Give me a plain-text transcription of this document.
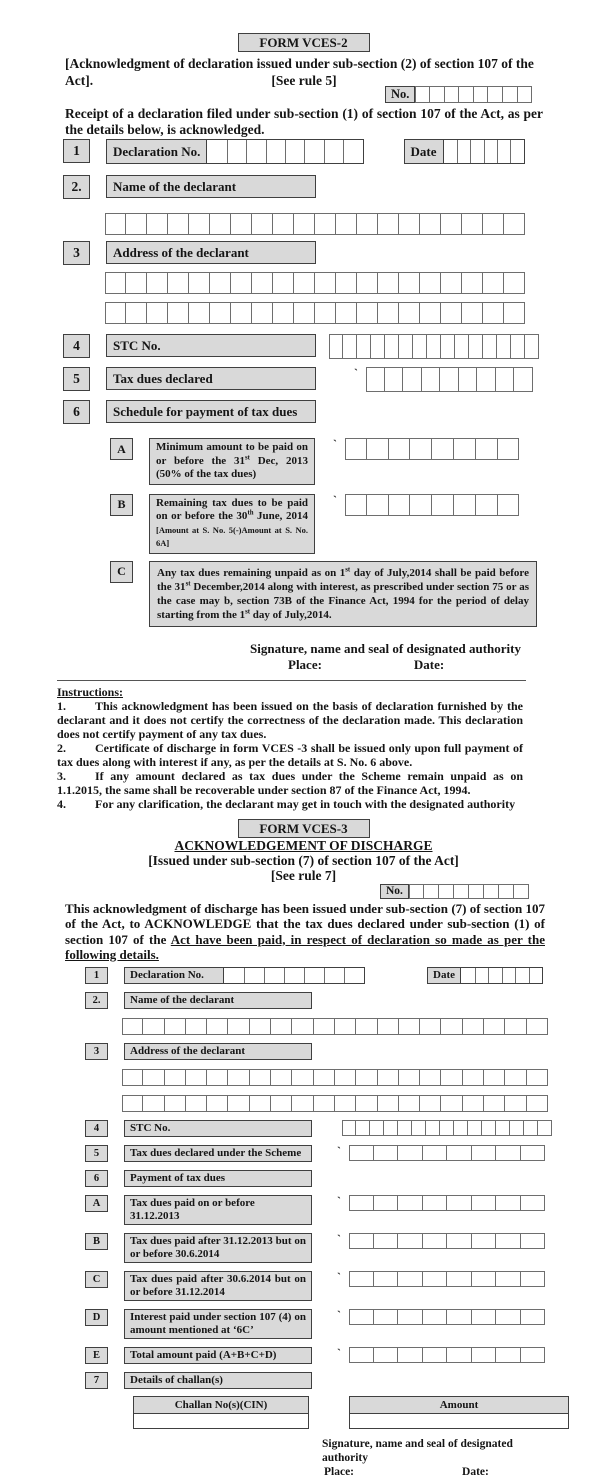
FORM VCES-2
[Acknowledgment of declaration issued under sub-section (2) of section 107 of the Act].	[See rule 5]
No.

Receipt of a declaration filed under sub-section (1) of section 107 of the Act, as per the details below, is acknowledged.

1	Declaration No.	Date
2.	Name of the declarant
3	Address of the declarant
4	STC No.
5	Tax dues declared	`
6	Schedule for payment of tax dues
A	Minimum amount to be paid on or before the 31st Dec, 2013 (50% of the tax dues)
`
B	Remaining tax dues to be paid on or before the 30th June, 2014 [Amount at S. No. 5(-)Amount at S. No. 6A]
`
C	Any tax dues remaining unpaid as on 1st day of July,2014 shall be paid before the 31st December,2014 along with interest, as prescribed under section 75 or as the case may b, section 73B of the Finance Act, 1994 for the period of delay starting from the 1st day of July,2014.
Signature, name and seal of designated authority
Place:	Date:
Instructions:
1. This acknowledgment has been issued on the basis of declaration furnished by the declarant and it does not certify the correctness of the declaration made. This declaration does not certify payment of any tax dues.
2. Certificate of discharge in form VCES -3 shall be issued only upon full payment of tax dues along with interest if any, as per the details at S. No. 6 above.
3. If any amount declared as tax dues under the Scheme remain unpaid as on 1.1.2015, the same shall be recoverable under section 87 of the Finance Act, 1994.
4. For any clarification, the declarant may get in touch with the designated authority
FORM VCES-3
ACKNOWLEDGEMENT OF DISCHARGE
[Issued under sub-section (7) of section 107 of the Act]
[See rule 7]
No.

This acknowledgment of discharge has been issued under sub-section (7) of section 107 of the Act, to ACKNOWLEDGE that the tax dues declared under sub-section (1) of section 107 of the Act have been paid, in respect of declaration so made as per the following details.

1	Declaration No.	Date
2.	Name of the declarant
3	Address of the declarant
4	STC No.
5	Tax dues declared under the Scheme	`
6	Payment of tax dues
A	Tax dues paid on or before 31.12.2013
`
B	Tax dues paid after 31.12.2013 but on or before 30.6.2014
`
C	Tax dues paid after 30.6.2014 but on or before 31.12.2014
`
D	Interest paid under section 107 (4) on amount mentioned at ‘6C’
`
E	Total amount paid (A+B+C+D)	`
7	Details of challan(s)
Challan No(s)(CIN)	Amount
Signature, name and seal of designated authority
Place:	Date:
